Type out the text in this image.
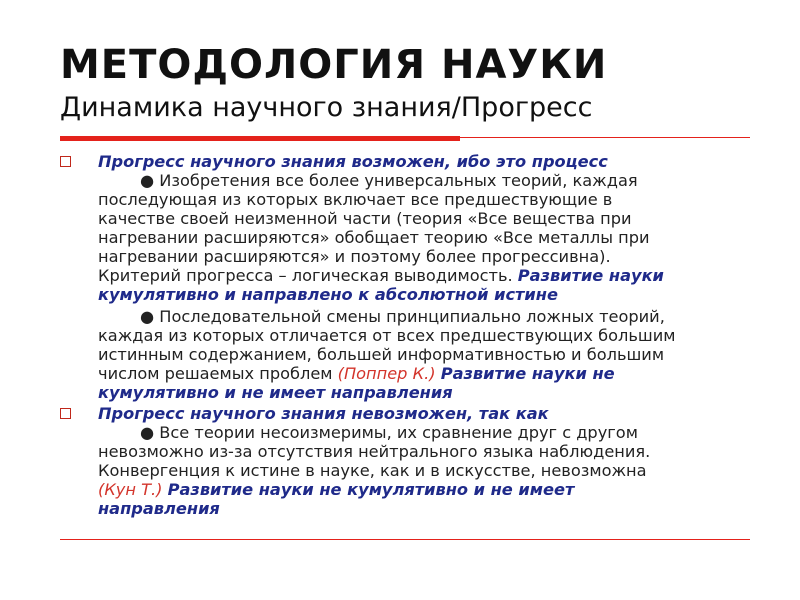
МЕТОДОЛОГИЯ НАУКИ
Динамика научного знания/Прогресс
Прогресс научного знания возможен, ибо это процесс
● Изобретения все более универсальных теорий, каждая
последующая из которых включает все предшествующие в
качестве своей неизменной части (теория «Все вещества при
нагревании расширяются» обобщает теорию «Все металлы при
нагревании расширяются» и поэтому более прогрессивна).
Критерий прогресса – логическая выводимость. Развитие науки
кумулятивно и направлено к абсолютной истине
● Последовательной смены принципиально ложных теорий,
каждая из которых отличается от всех предшествующих большим
истинным содержанием, большей информативностью и большим
числом решаемых проблем (Поппер К.) Развитие науки не
кумулятивно и не имеет направления
Прогресс научного знания невозможен, так как
● Все теории несоизмеримы, их сравнение друг с другом
невозможно из-за отсутствия нейтрального языка наблюдения.
Конвергенция к истине в науке, как и в искусстве, невозможна
(Кун Т.) Развитие науки не кумулятивно и не имеет
направления
